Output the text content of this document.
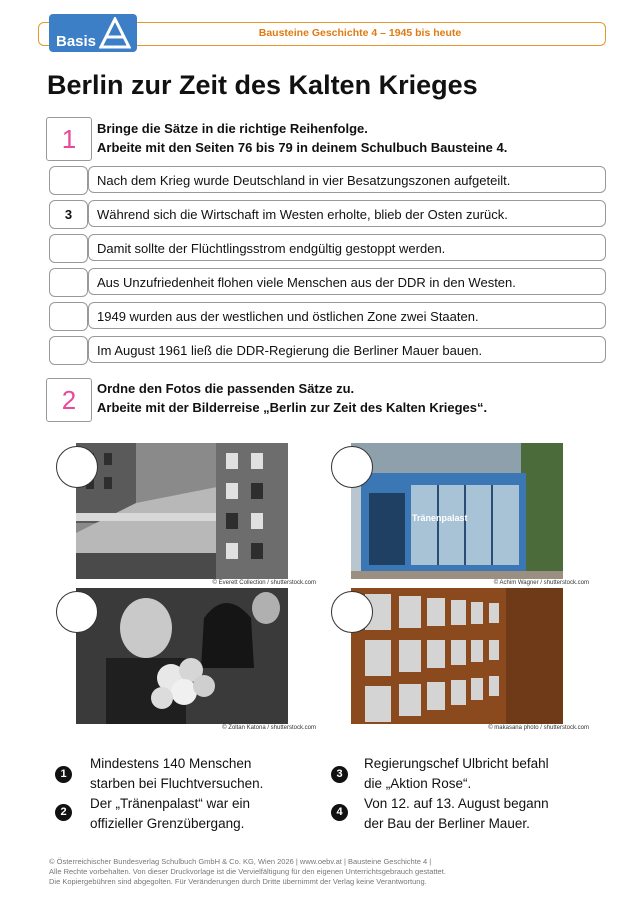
Basis	Bausteine Geschichte 4 – 1945 bis heute
Berlin zur Zeit des Kalten Krieges
1	Bringe die Sätze in die richtige Reihenfolge.
Arbeite mit den Seiten 76 bis 79 in deinem Schulbuch Bausteine 4.
Nach dem Krieg wurde Deutschland in vier Besatzungszonen aufgeteilt.
3	Während sich die Wirtschaft im Westen erholte, blieb der Osten zurück.
Damit sollte der Flüchtlingsstrom endgültig gestoppt werden.
Aus Unzufriedenheit flohen viele Menschen aus der DDR in den Westen.
1949 wurden aus der westlichen und östlichen Zone zwei Staaten.
Im August 1961 ließ die DDR-Regierung die Berliner Mauer bauen.
2	Ordne den Fotos die passenden Sätze zu.
Arbeite mit der Bilderreise „Berlin zur Zeit des Kalten Krieges“.
© Everett Collection / shutterstock.com
Tränenpalast
© Achim Wagner / shutterstock.com
© Zoltan Katona / shutterstock.com	© makasana photo / shutterstock.com
1
Mindestens 140 Menschen
starben bei Fluchtversuchen.
2
Der „Tränenpalast“ war ein
offizieller Grenzübergang.
3
Regierungschef Ulbricht befahl
die „Aktion Rose“.
4
Von 12. auf 13. August begann
der Bau der Berliner Mauer.
© Österreichischer Bundesverlag Schulbuch GmbH & Co. KG, Wien 2026 | www.oebv.at | Bausteine Geschichte 4 |
Alle Rechte vorbehalten. Von dieser Druckvorlage ist die Vervielfältigung für den eigenen Unterrichtsgebrauch gestattet.
Die Kopiergebühren sind abgegolten. Für Veränderungen durch Dritte übernimmt der Verlag keine Verantwortung.
